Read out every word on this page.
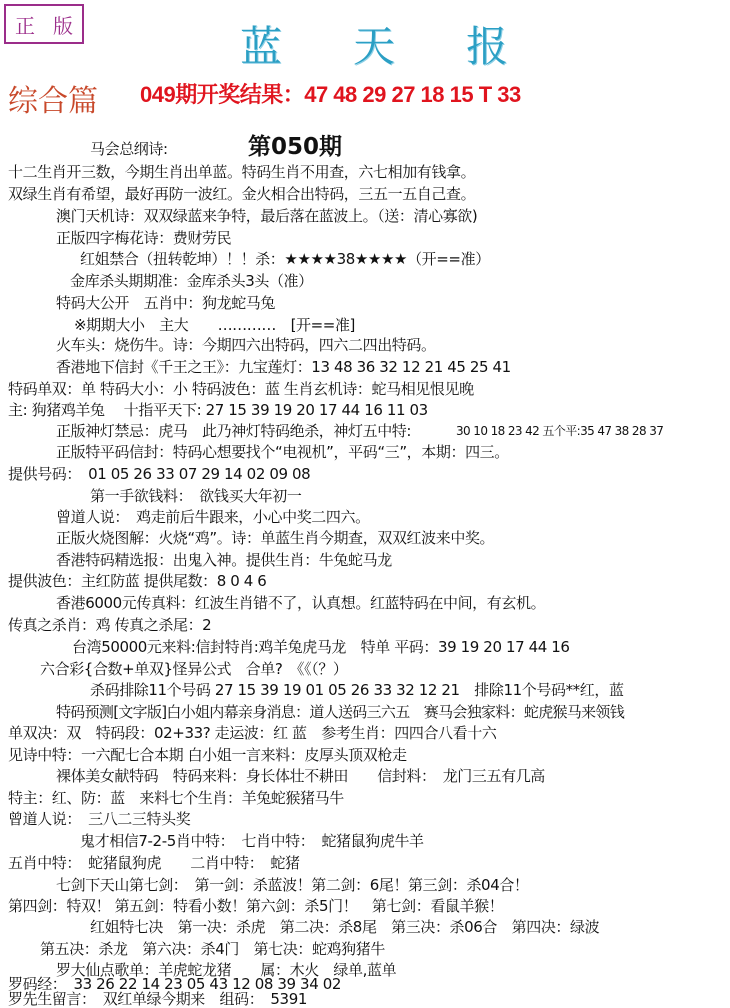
正 版	蓝 天 报
综合篇 049期开奖结果：47 48 29 27 18 15 T 33
第050期
马会总纲诗:
十二生肖开三数，今期生肖出单蓝。特码生肖不用查，六七相加有钱拿。
双绿生肖有希望，最好再防一波红。金火相合出特码，三五一五自己查。
澳门天机诗：双双绿蓝来争特，最后落在蓝波上。（送：清心寡欲)
正版四字梅花诗：费财劳民
红姐禁合（扭转乾坤）！！杀：★★★★38★★★★（开==准）
金库杀头期期准：金库杀头3头（准）
特码大公开　五肖中：狗龙蛇马兔
※期期大小　主大　　…………　[开==准]
火车头：烧伤牛。诗：今期四六出特码，四六二四出特码。
香港地下信封《千王之王》：九宝莲灯：13 48 36 32 12 21 45 25 41
特码单双：单 特码大小：小 特码波色：蓝 生肖玄机诗：蛇马相见恨见晚
主: 狗猪鸡羊兔　 十指平天下: 27 15 39 19 20 17 44 16 11 03
正版神灯禁忌：虎马　此乃神灯特码绝杀，神灯五中特:	30 10 18 23 42 五个平:35 47 38 28 37
正版特平码信封：特码心想要找个“电视机”，平码“三”，本期：四三。
提供号码：　01 05 26 33 07 29 14 02 09 08
第一手欲钱料：　欲钱买大年初一
曾道人说：　鸡走前后牛跟来，小心中奖二四六。
正版火烧图解：火烧“鸡”。诗：单蓝生肖今期查，双双红波来中奖。
香港特码精选报：出鬼入神。提供生肖：牛兔蛇马龙
提供波色：主红防蓝 提供尾数：8 0 4 6
香港6000元传真料：红波生肖错不了，认真想。红蓝特码在中间，有玄机。
传真之杀肖：鸡 传真之杀尾：2
台湾50000元来料:信封特肖:鸡羊兔虎马龙　特单 平码：39 19 20 17 44 16
六合彩{合数+单双}怪异公式　合单?　《《（？）
杀码排除11个号码 27 15 39 19 01 05 26 33 32 12 21　排除11个号码**红，蓝
特码预测[文字版]白小姐内幕亲身消息：道人送码三六五　赛马会独家料：蛇虎猴马来领钱
单双决：双　特码段：02+33? 走运波：红 蓝　参考生肖：四四合八看十六
见诗中特：一六配七合本期 白小姐一言来料：皮厚头顶双枪走
裸体美女献特码　特码来料：身长体壮不耕田　　信封料：　龙门三五有几高
特主：红、防：蓝　来料七个生肖：羊兔蛇猴猪马牛
曾道人说：　三八二三特头奖
鬼才相信7-2-5肖中特：　七肖中特：　蛇猪鼠狗虎牛羊
五肖中特：　蛇猪鼠狗虎　　二肖中特：　蛇猪
七剑下天山第七剑：　第一剑：杀蓝波！第二剑：6尾！第三剑：杀04合！
第四剑：特双！ 第五剑：特看小数！第六剑：杀5门！　第七剑：看鼠羊猴！
红姐特七决　第一决：杀虎　第二决：杀8尾　第三决：杀06合　第四决：绿波
第五决：杀龙　第六决：杀4门　第七决：蛇鸡狗猪牛
罗大仙点歌单：羊虎蛇龙猪　　属：木火　绿单,蓝单
罗码经：　33 26 22 14 23 05 43 12 08 39 34 02
罗先生留言：　双红单绿今期来　组码：　5391
